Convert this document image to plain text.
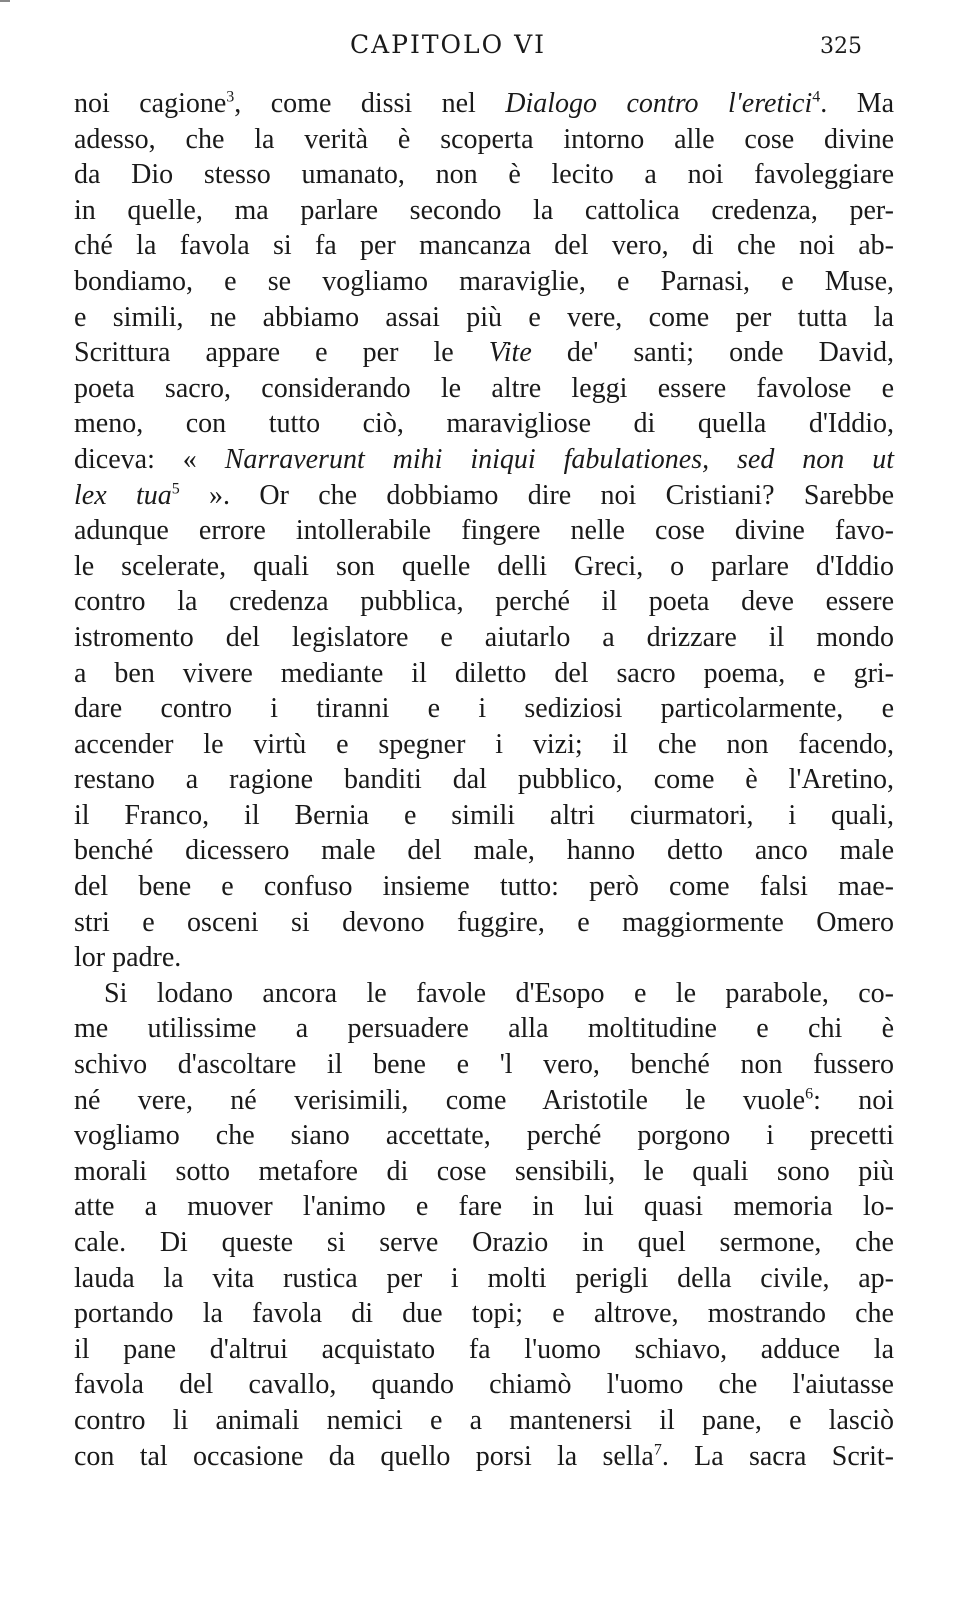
CAPITOLO VI	325
noi cagione$^3$, come dissi nel Dialogo contro l'eretici$^4$. Ma
adesso, che la verità è scoperta intorno alle cose divine
da Dio stesso umanato, non è lecito a noi favoleggiare
in quelle, ma parlare secondo la cattolica credenza, per-
ché la favola si fa per mancanza del vero, di che noi ab-
bondiamo, e se vogliamo maraviglie, e Parnasi, e Muse,
e simili, ne abbiamo assai più e vere, come per tutta la
Scrittura appare e per le Vite de' santi; onde David,
poeta sacro, considerando le altre leggi essere favolose e
meno, con tutto ciò, maravigliose di quella d'Iddio,
diceva: « Narraverunt mihi iniqui fabulationes, sed non ut
lex tua$^5$ ». Or che dobbiamo dire noi Cristiani? Sarebbe
adunque errore intollerabile fingere nelle cose divine favo-
le scelerate, quali son quelle delli Greci, o parlare d'Iddio
contro la credenza pubblica, perché il poeta deve essere
istromento del legislatore e aiutarlo a drizzare il mondo
a ben vivere mediante il diletto del sacro poema, e gri-
dare contro i tiranni e i sediziosi particolarmente, e
accender le virtù e spegner i vizi; il che non facendo,
restano a ragione banditi dal pubblico, come è l'Aretino,
il Franco, il Bernia e simili altri ciurmatori, i quali,
benché dicessero male del male, hanno detto anco male
del bene e confuso insieme tutto: però come falsi mae-
stri e osceni si devono fuggire, e maggiormente Omero
lor padre.
Si lodano ancora le favole d'Esopo e le parabole, co-
me utilissime a persuadere alla moltitudine e chi è
schivo d'ascoltare il bene e 'l vero, benché non fussero
né vere, né verisimili, come Aristotile le vuole$^6$: noi
vogliamo che siano accettate, perché porgono i precetti
morali sotto metafore di cose sensibili, le quali sono più
atte a muover l'animo e fare in lui quasi memoria lo-
cale. Di queste si serve Orazio in quel sermone, che
lauda la vita rustica per i molti perigli della civile, ap-
portando la favola di due topi; e altrove, mostrando che
il pane d'altrui acquistato fa l'uomo schiavo, adduce la
favola del cavallo, quando chiamò l'uomo che l'aiutasse
contro li animali nemici e a mantenersi il pane, e lasciò
con tal occasione da quello porsi la sella$^7$. La sacra Scrit-
